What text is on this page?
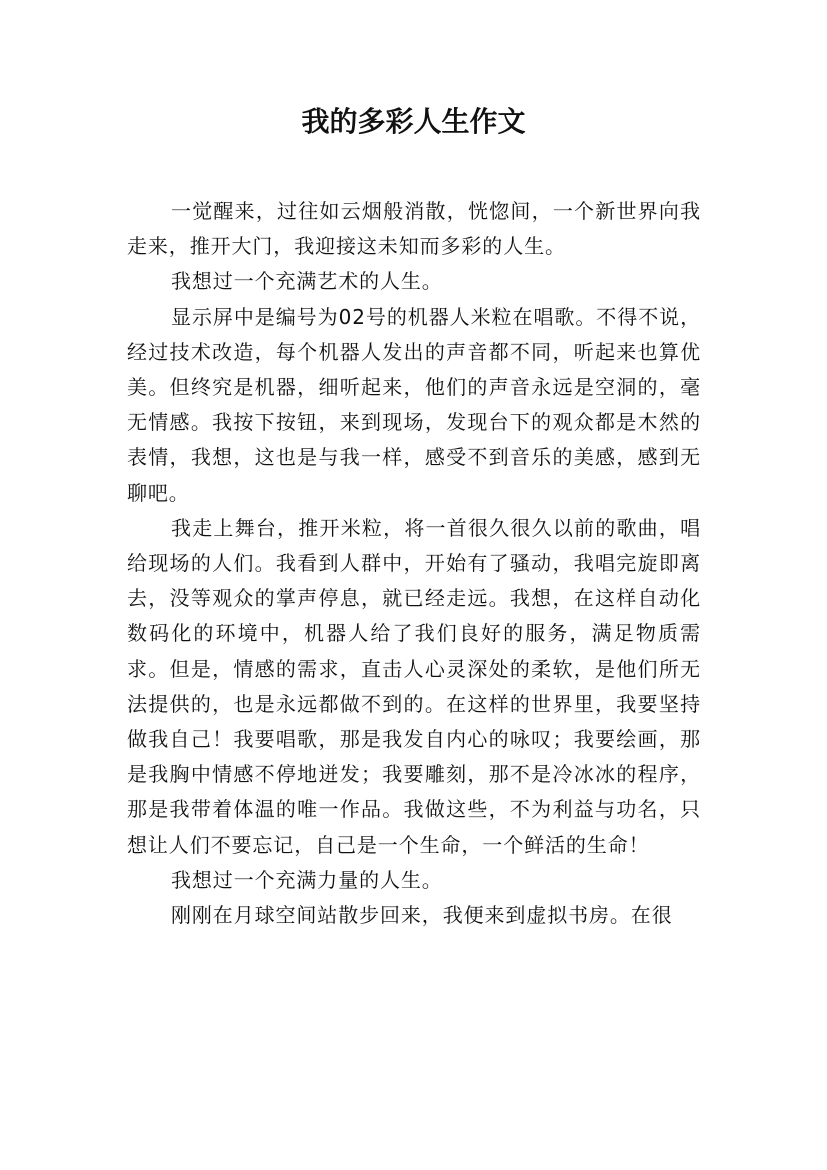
我的多彩人生作文

一觉醒来，过往如云烟般消散，恍惚间，一个新世界向我走来，推开大门，我迎接这未知而多彩的人生。

我想过一个充满艺术的人生。

显示屏中是编号为02号的机器人米粒在唱歌。不得不说，经过技术改造，每个机器人发出的声音都不同，听起来也算优美。但终究是机器，细听起来，他们的声音永远是空洞的，毫无情感。我按下按钮，来到现场，发现台下的观众都是木然的表情，我想，这也是与我一样，感受不到音乐的美感，感到无聊吧。

我走上舞台，推开米粒，将一首很久很久以前的歌曲，唱给现场的人们。我看到人群中，开始有了骚动，我唱完旋即离去，没等观众的掌声停息，就已经走远。我想，在这样自动化数码化的环境中，机器人给了我们良好的服务，满足物质需求。但是，情感的需求，直击人心灵深处的柔软，是他们所无法提供的，也是永远都做不到的。在这样的世界里，我要坚持做我自己！我要唱歌，那是我发自内心的咏叹；我要绘画，那是我胸中情感不停地迸发；我要雕刻，那不是冷冰冰的程序，那是我带着体温的唯一作品。我做这些，不为利益与功名，只想让人们不要忘记，自己是一个生命，一个鲜活的生命！

我想过一个充满力量的人生。

刚刚在月球空间站散步回来，我便来到虚拟书房。在很
